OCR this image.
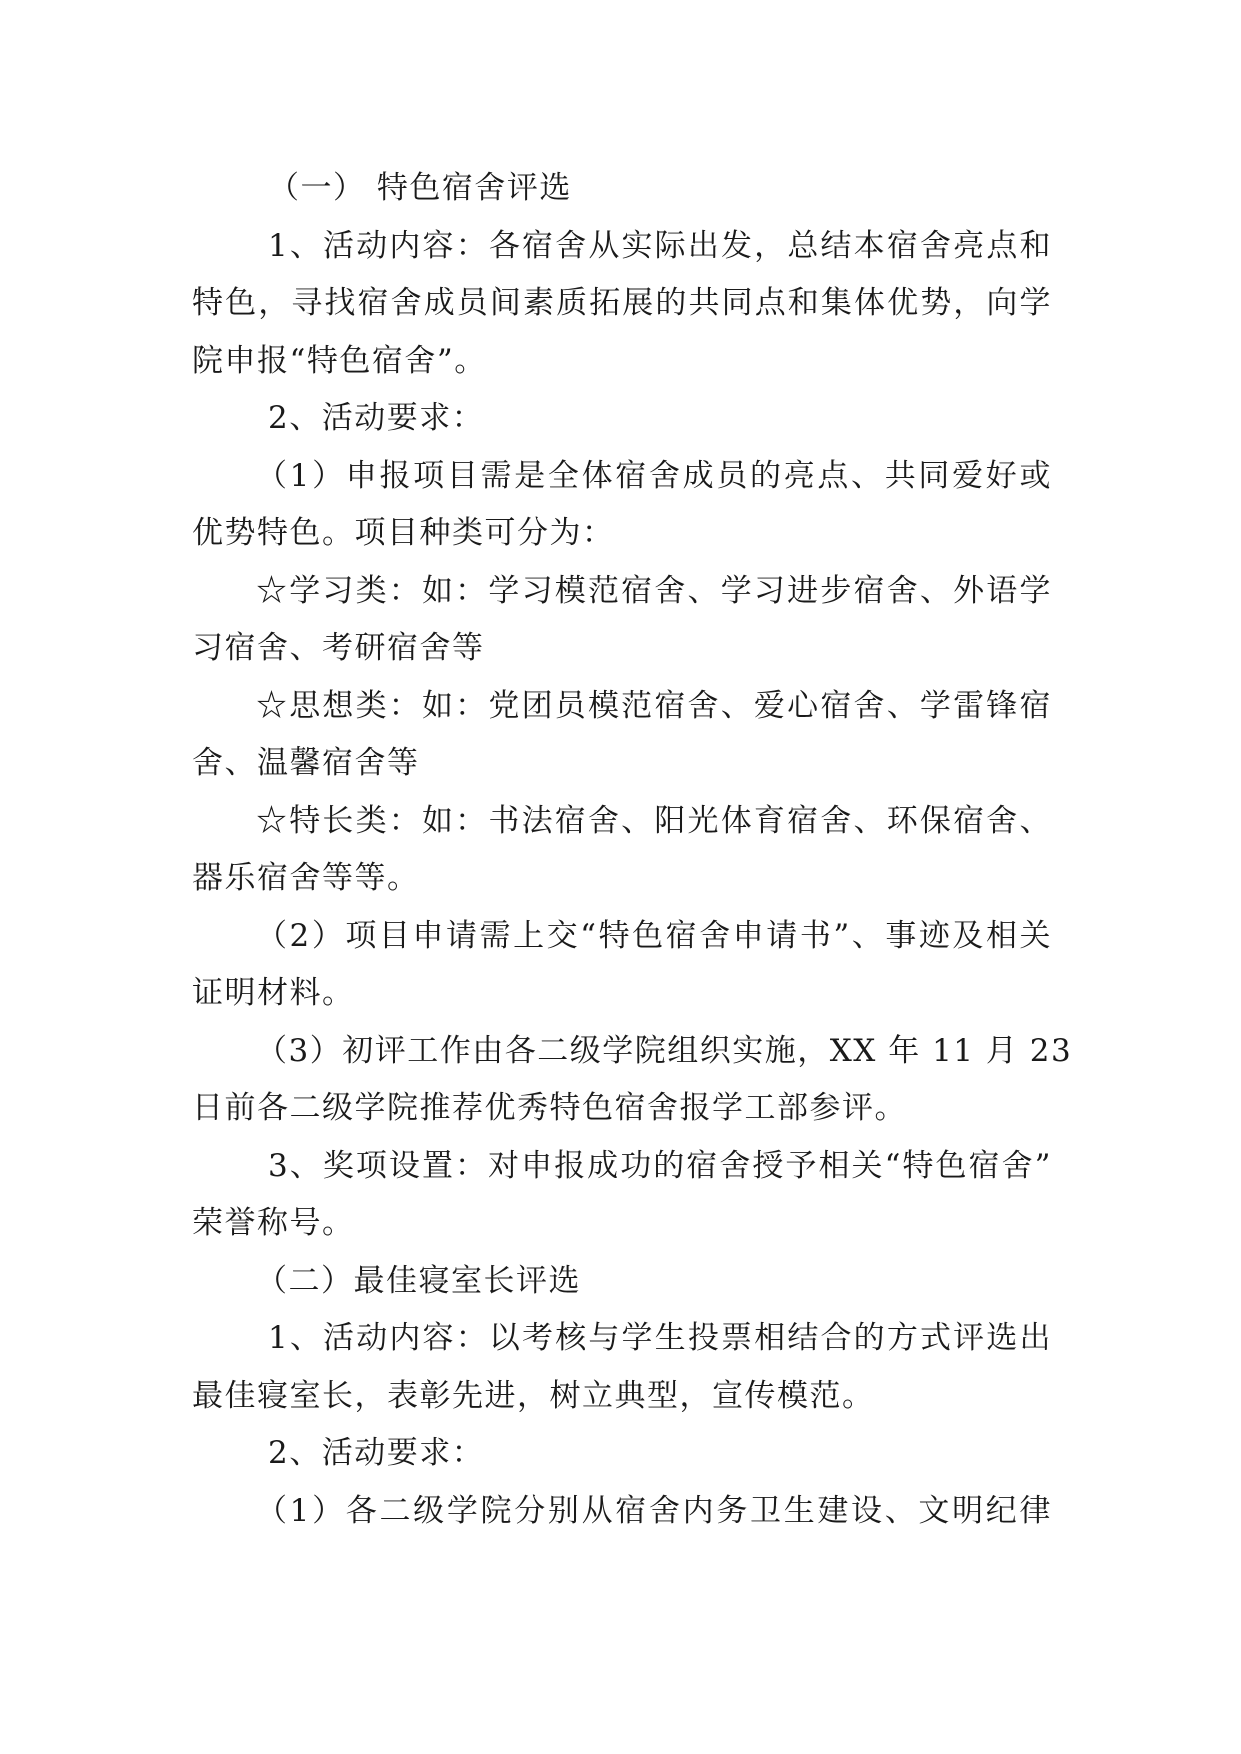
（一） 特色宿舍评选
1、活动内容：各宿舍从实际出发，总结本宿舍亮点和
特色，寻找宿舍成员间素质拓展的共同点和集体优势，向学
院申报“特色宿舍”。
2、活动要求：
（1）申报项目需是全体宿舍成员的亮点、共同爱好或
优势特色。项目种类可分为：
☆学习类：如：学习模范宿舍、学习进步宿舍、外语学
习宿舍、考研宿舍等
☆思想类：如：党团员模范宿舍、爱心宿舍、学雷锋宿
舍、温馨宿舍等
☆特长类：如：书法宿舍、阳光体育宿舍、环保宿舍、
器乐宿舍等等。
（2）项目申请需上交“特色宿舍申请书”、事迹及相关
证明材料。
（3）初评工作由各二级学院组织实施，XX 年 11 月 23
日前各二级学院推荐优秀特色宿舍报学工部参评。
3、奖项设置：对申报成功的宿舍授予相关“特色宿舍”
荣誉称号。
（二）最佳寝室长评选
1、活动内容：以考核与学生投票相结合的方式评选出
最佳寝室长，表彰先进，树立典型，宣传模范。
2、活动要求：
（1）各二级学院分别从宿舍内务卫生建设、文明纪律
